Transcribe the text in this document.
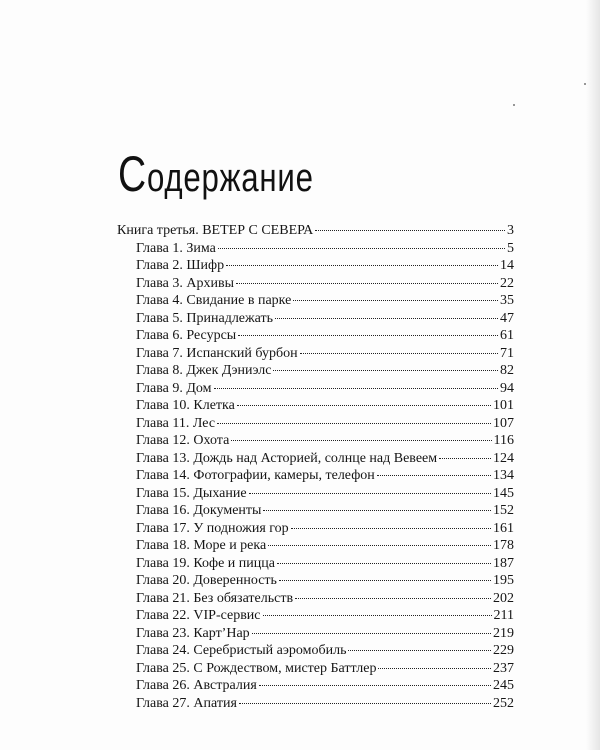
Содержание
Книга третья. ВЕТЕР С СЕВЕРА	3
Глава 1. Зима	5
Глава 2. Шифр	14
Глава 3. Архивы	22
Глава 4. Свидание в парке	35
Глава 5. Принадлежать	47
Глава 6. Ресурсы	61
Глава 7. Испанский бурбон	71
Глава 8. Джек Дэниэлс	82
Глава 9. Дом	94
Глава 10. Клетка	101
Глава 11. Лес	107
Глава 12. Охота	116
Глава 13. Дождь над Асторией, солнце над Вевеем	124
Глава 14. Фотографии, камеры, телефон	134
Глава 15. Дыхание	145
Глава 16. Документы	152
Глава 17. У подножия гор	161
Глава 18. Море и река	178
Глава 19. Кофе и пицца	187
Глава 20. Доверенность	195
Глава 21. Без обязательств	202
Глава 22. VIP-сервис	211
Глава 23. Карт’Нар	219
Глава 24. Серебристый аэромобиль	229
Глава 25. С Рождеством, мистер Баттлер	237
Глава 26. Австралия	245
Глава 27. Апатия	252
